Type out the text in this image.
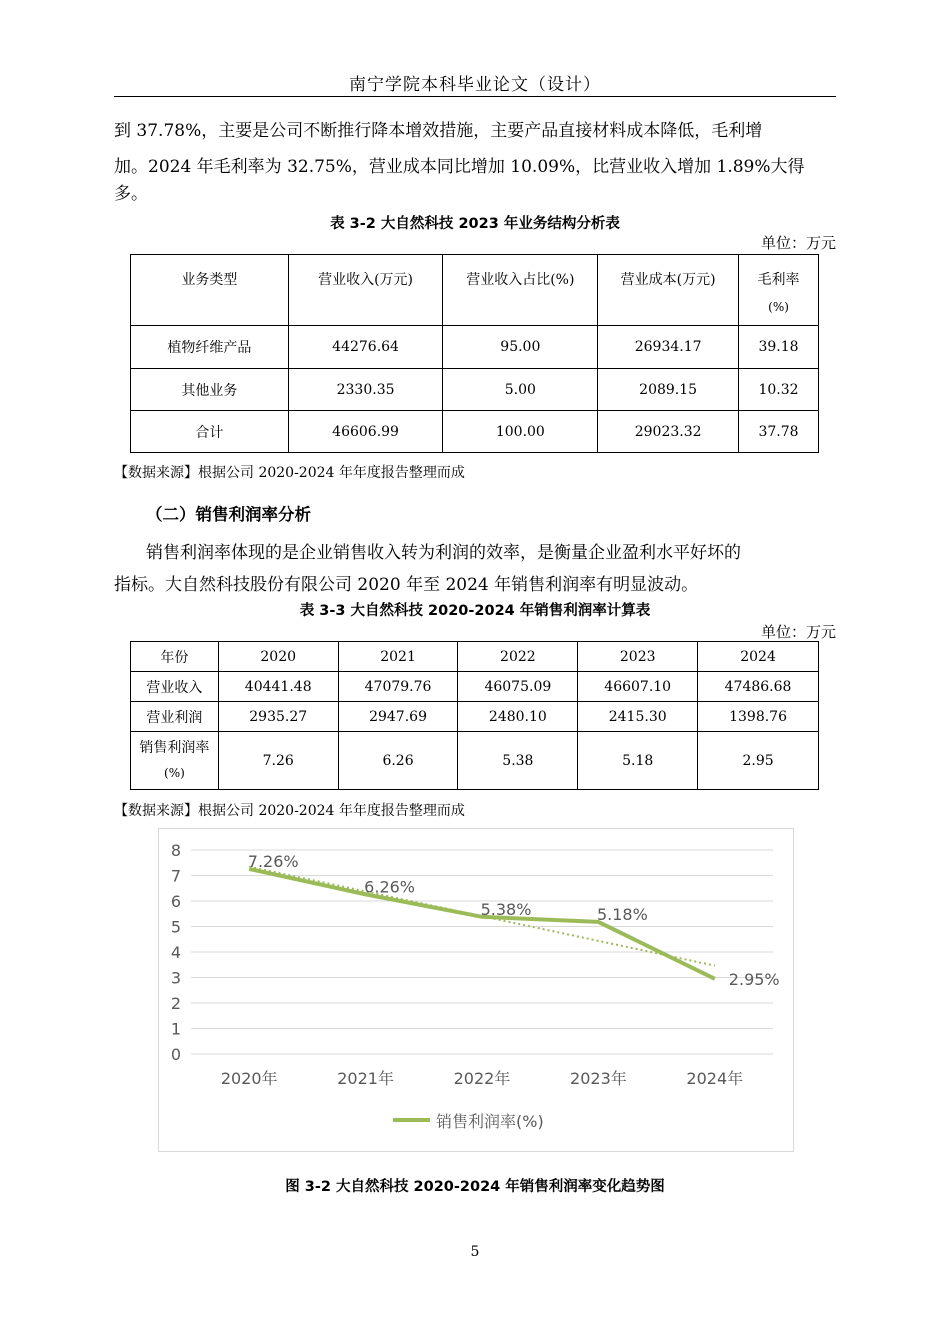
南宁学院本科毕业论文（设计）

到 37.78%，主要是公司不断推行降本增效措施，主要产品直接材料成本降低，毛利增

加。2024 年毛利率为 32.75%，营业成本同比增加 10.09%，比营业收入增加 1.89%大得

多。

表 3-2 大自然科技 2023 年业务结构分析表
单位：万元
业务类型	营业收入(万元)	营业收入占比(%)	营业成本(万元)	毛利率
(%)

植物纤维产品	44276.64	95.00	26934.17	39.18
其他业务	2330.35	5.00	2089.15	10.32
合计	46606.99	100.00	29023.32	37.78
【数据来源】根据公司 2020-2024 年年度报告整理而成
（二）销售利润率分析

销售利润率体现的是企业销售收入转为利润的效率，是衡量企业盈利水平好坏的

指标。大自然科技股份有限公司 2020 年至 2024 年销售利润率有明显波动。

表 3-3 大自然科技 2020-2024 年销售利润率计算表
单位：万元
年份	2020	2021	2022	2023	2024
营业收入	40441.48	47079.76	46075.09	46607.10	47486.68
营业利润	2935.27	2947.69	2480.10	2415.30	1398.76

销售利润率
(%)	7.26	6.26	5.38	5.18	2.95
【数据来源】根据公司 2020-2024 年年度报告整理而成
0
1
2
3
4
5
6
7
8
2020年	2021年	2022年	2023年	2024年
7.26%
6.26%
5.38%	5.18%
2.95%
销售利润率(%)
图 3-2 大自然科技 2020-2024 年销售利润率变化趋势图
5
